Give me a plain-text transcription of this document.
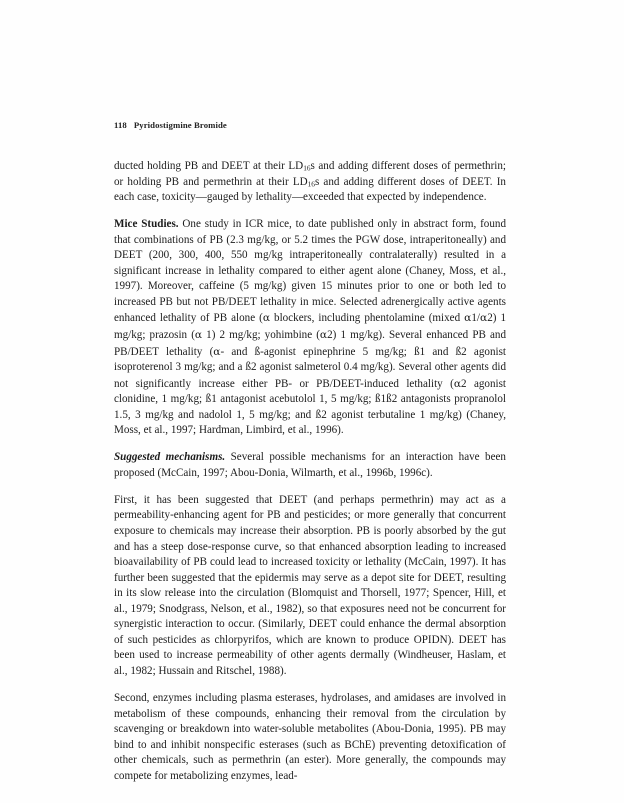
118 Pyridostigmine Bromide

ducted holding PB and DEET at their $LD_{16}s$ and adding different doses of permethrin; or holding PB and permethrin at their $LD_{16}s$ and adding different doses of DEET. In each case, toxicity—gauged by lethality—exceeded that expected by independence.

Mice Studies. One study in ICR mice, to date published only in abstract form, found that combinations of PB (2.3 mg/kg, or 5.2 times the PGW dose, intraperitoneally) and DEET (200, 300, 400, 550 mg/kg intraperitoneally contralaterally) resulted in a significant increase in lethality compared to either agent alone (Chaney, Moss, et al., 1997). Moreover, caffeine (5 mg/kg) given 15 minutes prior to one or both led to increased PB but not PB/DEET lethality in mice. Selected adrenergically active agents enhanced lethality of PB alone (α blockers, including phentolamine (mixed α1/α2) 1 mg/kg; prazosin (α 1) 2 mg/kg; yohimbine (α2) 1 mg/kg). Several enhanced PB and PB/DEET lethality (α- and ß-agonist epinephrine 5 mg/kg; ß1 and ß2 agonist isoproterenol 3 mg/kg; and a ß2 agonist salmeterol 0.4 mg/kg). Several other agents did not significantly increase either PB- or PB/DEET-induced lethality (α2 agonist clonidine, 1 mg/kg; ß1 antagonist acebutolol 1, 5 mg/kg; ß1ß2 antagonists propranolol 1.5, 3 mg/kg and nadolol 1, 5 mg/kg; and ß2 agonist terbutaline 1 mg/kg) (Chaney, Moss, et al., 1997; Hardman, Limbird, et al., 1996).

Suggested mechanisms. Several possible mechanisms for an interaction have been proposed (McCain, 1997; Abou-Donia, Wilmarth, et al., 1996b, 1996c).

First, it has been suggested that DEET (and perhaps permethrin) may act as a permeability-enhancing agent for PB and pesticides; or more generally that concurrent exposure to chemicals may increase their absorption. PB is poorly absorbed by the gut and has a steep dose-response curve, so that enhanced absorption leading to increased bioavailability of PB could lead to increased toxicity or lethality (McCain, 1997). It has further been suggested that the epidermis may serve as a depot site for DEET, resulting in its slow release into the circulation (Blomquist and Thorsell, 1977; Spencer, Hill, et al., 1979; Snodgrass, Nelson, et al., 1982), so that exposures need not be concurrent for synergistic interaction to occur. (Similarly, DEET could enhance the dermal absorption of such pesticides as chlorpyrifos, which are known to produce OPIDN). DEET has been used to increase permeability of other agents dermally (Windheuser, Haslam, et al., 1982; Hussain and Ritschel, 1988).

Second, enzymes including plasma esterases, hydrolases, and amidases are involved in metabolism of these compounds, enhancing their removal from the circulation by scavenging or breakdown into water-soluble metabolites (Abou-Donia, 1995). PB may bind to and inhibit nonspecific esterases (such as BChE) preventing detoxification of other chemicals, such as permethrin (an ester). More generally, the compounds may compete for metabolizing enzymes, lead-
